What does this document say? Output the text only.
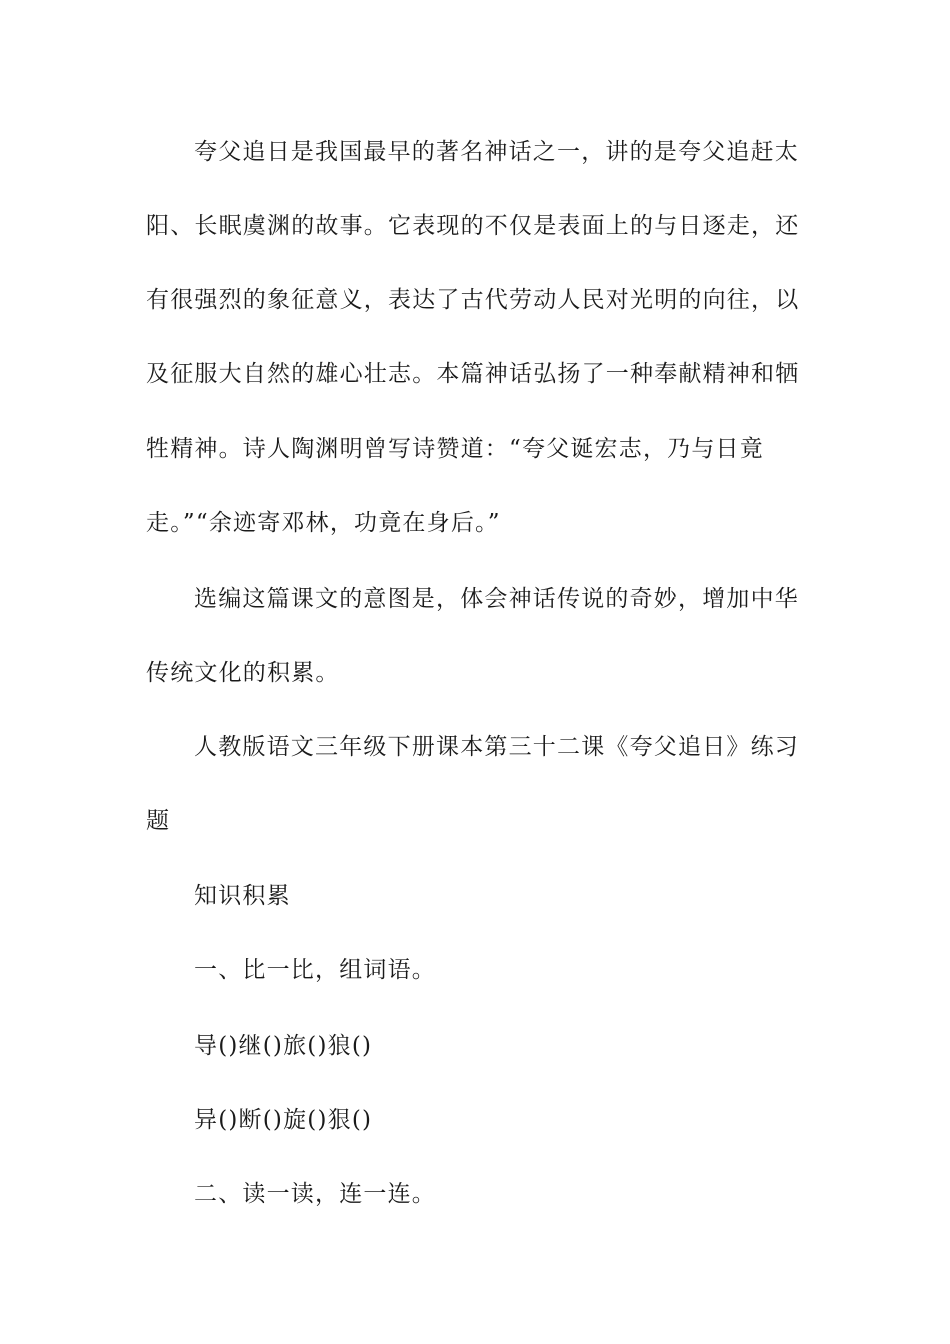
夸父追日是我国最早的著名神话之一，讲的是夸父追赶太
阳、长眠虞渊的故事。它表现的不仅是表面上的与日逐走，还
有很强烈的象征意义，表达了古代劳动人民对光明的向往，以
及征服大自然的雄心壮志。本篇神话弘扬了一种奉献精神和牺
牲精神。诗人陶渊明曾写诗赞道：“夸父诞宏志，乃与日竟
走。”“余迹寄邓林，功竟在身后。”
选编这篇课文的意图是，体会神话传说的奇妙，增加中华
传统文化的积累。
人教版语文三年级下册课本第三十二课《夸父追日》练习
题
知识积累
一、比一比，组词语。
导()继()旅()狼()
异()断()旋()狠()
二、读一读，连一连。
